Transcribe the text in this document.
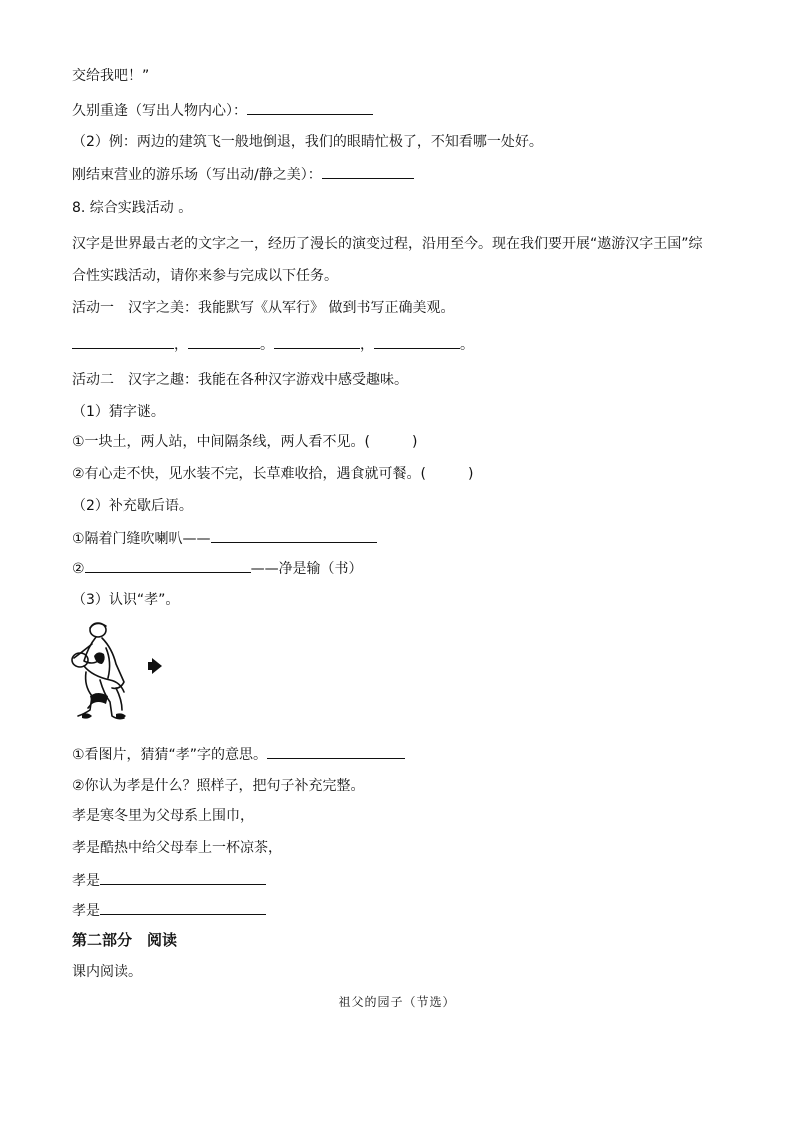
交给我吧！”
久别重逢（写出人物内心）：
（2）例：两边的建筑飞一般地倒退，我们的眼睛忙极了，不知看哪一处好。
刚结束营业的游乐场（写出动/静之美）：
8. 综合实践活动 。
汉字是世界最古老的文字之一，经历了漫长的演变过程，沿用至今。现在我们要开展“遨游汉字王国”综
合性实践活动，请你来参与完成以下任务。
活动一　汉字之美：我能默写《从军行》 做到书写正确美观。
，	。	，	。
活动二　汉字之趣：我能在各种汉字游戏中感受趣味。
（1）猜字谜。
①一块土，两人站，中间隔条线，两人看不见。(　　　)
②有心走不快，见水装不完，长草难收拾，遇食就可餐。(　　　)
（2）补充歇后语。
①隔着门缝吹喇叭——
②	——净是输（书）
（3）认识“孝”。
①看图片，猜猜“孝”字的意思。
②你认为孝是什么？照样子，把句子补充完整。
孝是寒冬里为父母系上围巾，
孝是酷热中给父母奉上一杯凉茶，
孝是
孝是
第二部分　阅读
课内阅读。
祖父的园子（节选）
